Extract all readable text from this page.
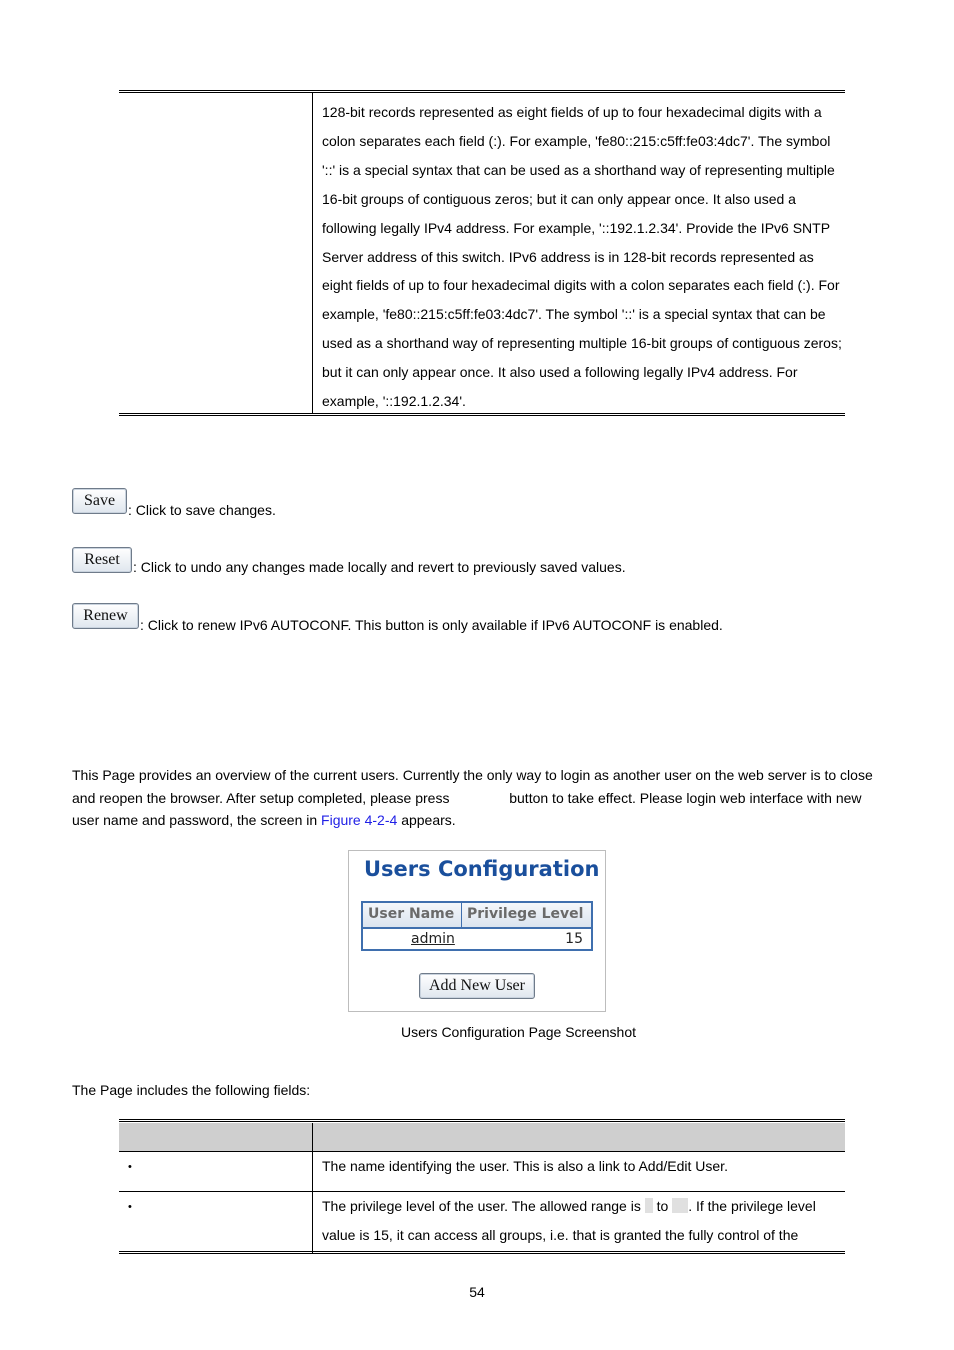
128-bit records represented as eight fields of up to four hexadecimal digits with a colon separates each field (:). For example, 'fe80::215:c5ff:fe03:4dc7'. The symbol '::' is a special syntax that can be used as a shorthand way of representing multiple 16-bit groups of contiguous zeros; but it can only appear once. It also used a following legally IPv4 address. For example, '::192.1.2.34'. Provide the IPv6 SNTP Server address of this switch. IPv6 address is in 128-bit records represented as eight fields of up to four hexadecimal digits with a colon separates each field (:). For example, 'fe80::215:c5ff:fe03:4dc7'. The symbol '::' is a special syntax that can be used as a shorthand way of representing multiple 16-bit groups of contiguous zeros; but it can only appear once. It also used a following legally IPv4 address. For example, '::192.1.2.34'.
Save
: Click to save changes.
Reset : Click to undo any changes made locally and revert to previously saved values.
Renew
: Click to renew IPv6 AUTOCONF. This button is only available if IPv6 AUTOCONF is enabled.
This Page provides an overview of the current users. Currently the only way to login as another user on the web server is to close and reopen the browser. After setup completed, please press	button to take effect. Please login web interface with new user name and password, the screen in Figure 4-2-4 appears.
Users Configuration
User Name Privilege Level
admin	15
Add New User
Users Configuration Page Screenshot
The Page includes the following fields:
•	The name identifying the user. This is also a link to Add/Edit User.
•	The privilege level of the user. The allowed range is to . If the privilege level value is 15, it can access all groups, i.e. that is granted the fully control of the
54
